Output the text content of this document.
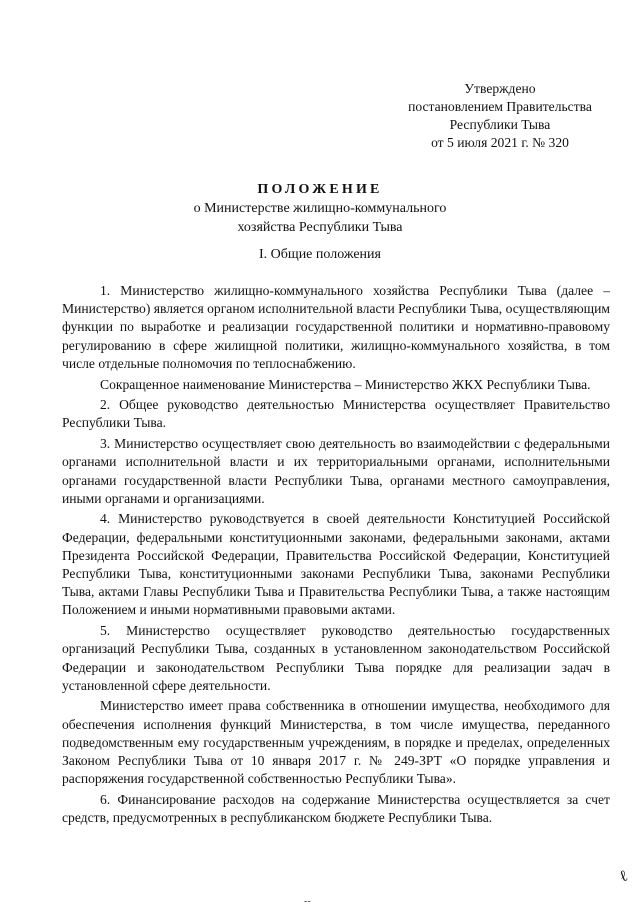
Утверждено
постановлением Правительства
Республики Тыва
от 5 июля 2021 г. № 320
ПОЛОЖЕНИЕ
о Министерстве жилищно-коммунального
хозяйства Республики Тыва
I. Общие положения

1. Министерство жилищно-коммунального хозяйства Республики Тыва (далее – Министерство) является органом исполнительной власти Республики Тыва, осуществляющим функции по выработке и реализации государственной политики и нормативно-правовому регулированию в сфере жилищной политики, жилищно-коммунального хозяйства, в том числе отдельные полномочия по теплоснабжению.

Сокращенное наименование Министерства – Министерство ЖКХ Республики Тыва.

2. Общее руководство деятельностью Министерства осуществляет Правительство Республики Тыва.

3. Министерство осуществляет свою деятельность во взаимодействии с федеральными органами исполнительной власти и их территориальными органами, исполнительными органами государственной власти Республики Тыва, органами местного самоуправления, иными органами и организациями.

4. Министерство руководствуется в своей деятельности Конституцией Российской Федерации, федеральными конституционными законами, федеральными законами, актами Президента Российской Федерации, Правительства Российской Федерации, Конституцией Республики Тыва, конституционными законами Республики Тыва, законами Республики Тыва, актами Главы Республики Тыва и Правительства Республики Тыва, а также настоящим Положением и иными нормативными правовыми актами.

5. Министерство осуществляет руководство деятельностью государственных организаций Республики Тыва, созданных в установленном законодательством Российской Федерации и законодательством Республики Тыва порядке для реализации задач в установленной сфере деятельности.

Министерство имеет права собственника в отношении имущества, необходимого для обеспечения исполнения функций Министерства, в том числе имущества, переданного подведомственным ему государственным учреждениям, в порядке и пределах, определенных Законом Республики Тыва от 10 января 2017 г. № 249-ЗРТ «О порядке управления и распоряжения государственной собственностью Республики Тыва».

6. Финансирование расходов на содержание Министерства осуществляется за счет средств, предусмотренных в республиканском бюджете Республики Тыва.

--
ℓ
